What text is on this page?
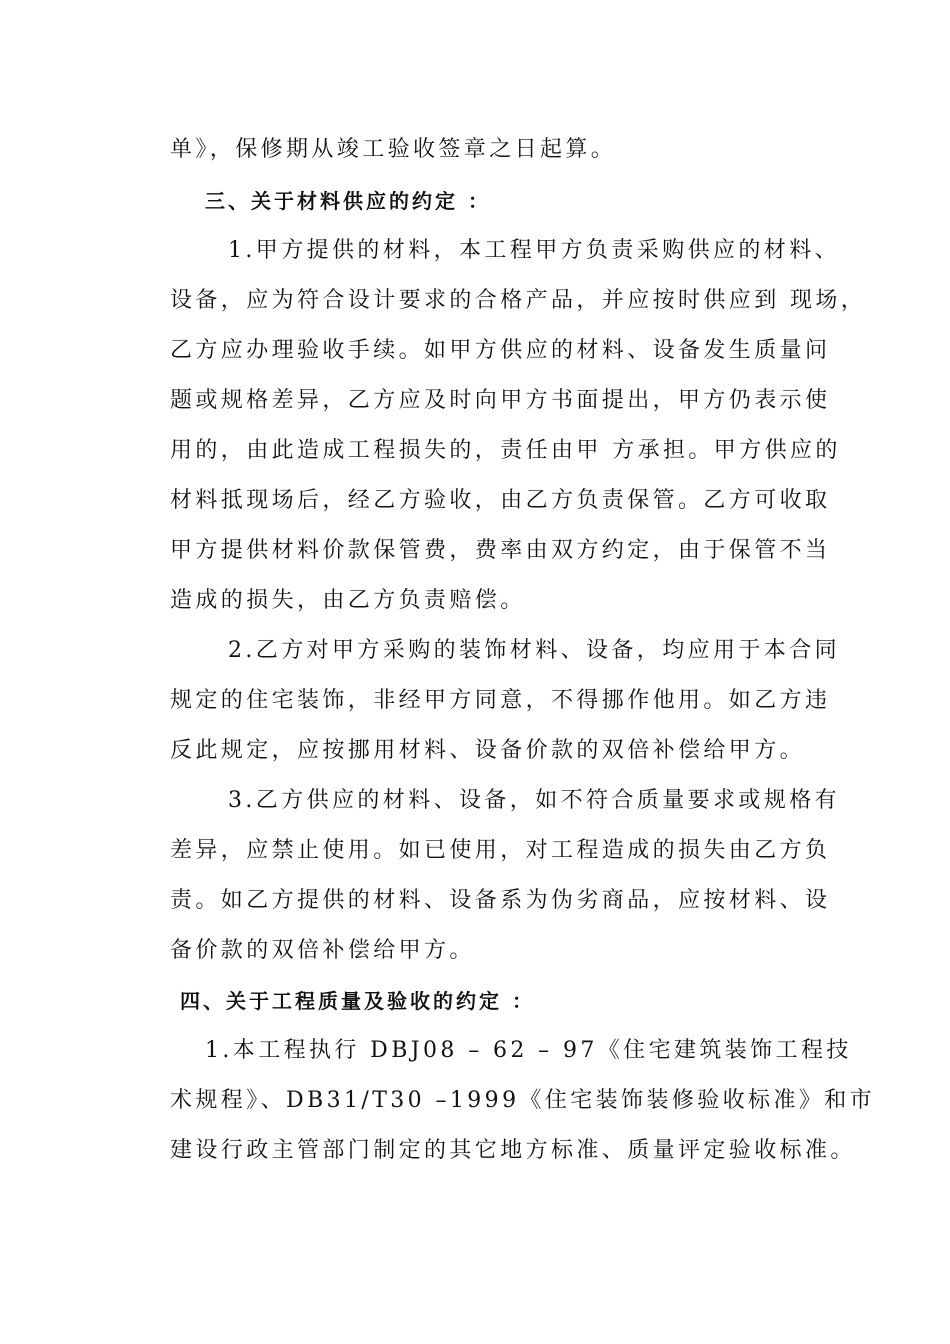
单》，保修期从竣工验收签章之日起算。
三、关于材料供应的约定 ：
1.甲方提供的材料，本工程甲方负责采购供应的材料、
设备，应为符合设计要求的合格产品，并应按时供应到 现场，
乙方应办理验收手续。如甲方供应的材料、设备发生质量问
题或规格差异，乙方应及时向甲方书面提出，甲方仍表示使
用的，由此造成工程损失的，责任由甲 方承担。甲方供应的
材料抵现场后，经乙方验收，由乙方负责保管。乙方可收取
甲方提供材料价款保管费，费率由双方约定，由于保管不当
造成的损失，由乙方负责赔偿。
2.乙方对甲方采购的装饰材料、设备，均应用于本合同
规定的住宅装饰，非经甲方同意，不得挪作他用。如乙方违
反此规定，应按挪用材料、设备价款的双倍补偿给甲方。
3.乙方供应的材料、设备，如不符合质量要求或规格有
差异，应禁止使用。如已使用，对工程造成的损失由乙方负
责。如乙方提供的材料、设备系为伪劣商品，应按材料、设
备价款的双倍补偿给甲方。
四、关于工程质量及验收的约定 ：
1.本工程执行 DBJ08 – 62 – 97《住宅建筑装饰工程技
术规程》、DB31/T30 –1999《住宅装饰装修验收标准》和市
建设行政主管部门制定的其它地方标准、质量评定验收标准。
